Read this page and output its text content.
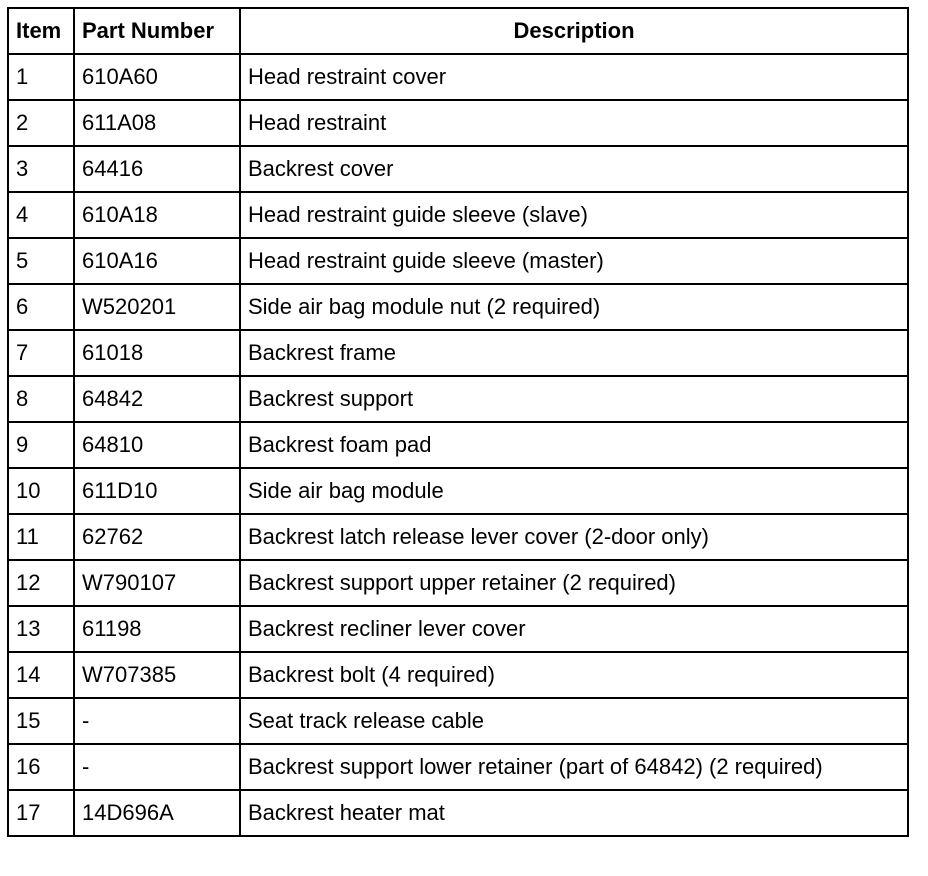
Item	Part Number	Description
1	610A60	Head restraint cover
2	611A08	Head restraint
3	64416	Backrest cover
4	610A18	Head restraint guide sleeve (slave)
5	610A16	Head restraint guide sleeve (master)
6	W520201	Side air bag module nut (2 required)
7	61018	Backrest frame
8	64842	Backrest support
9	64810	Backrest foam pad
10	611D10	Side air bag module
11	62762	Backrest latch release lever cover (2-door only)
12	W790107	Backrest support upper retainer (2 required)
13	61198	Backrest recliner lever cover
14	W707385	Backrest bolt (4 required)
15	-	Seat track release cable
16	-	Backrest support lower retainer (part of 64842) (2 required)
17	14D696A	Backrest heater mat
